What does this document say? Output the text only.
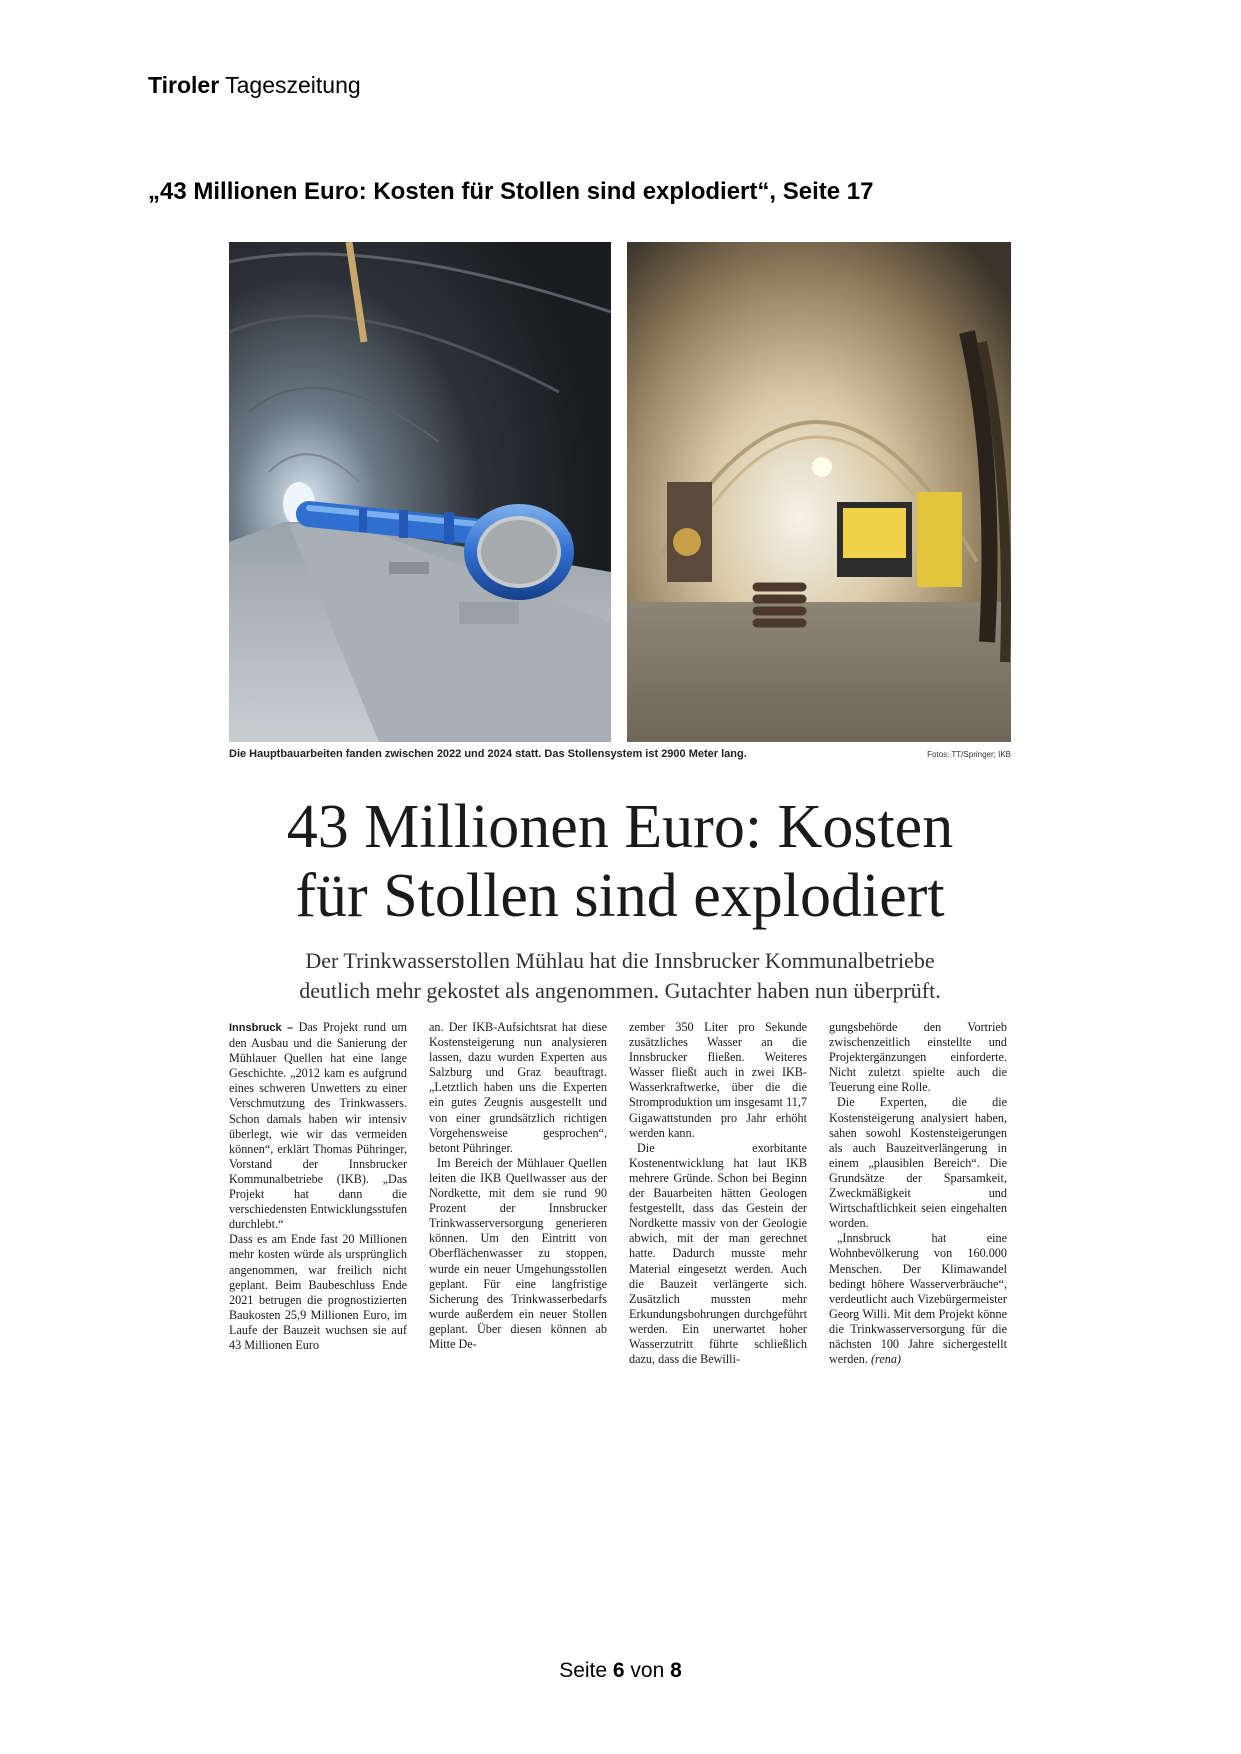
Tiroler Tageszeitung
„43 Millionen Euro: Kosten für Stollen sind explodiert“, Seite 17
Die Hauptbauarbeiten fanden zwischen 2022 und 2024 statt. Das Stollensystem ist 2900 Meter lang.	Fotos: TT/Springer; IKB
43 Millionen Euro: Kosten
für Stollen sind explodiert
Der Trinkwasserstollen Mühlau hat die Innsbrucker Kommunalbetriebe
deutlich mehr gekostet als angenommen. Gutachter haben nun überprüft.

Innsbruck – Das Projekt rund um den Ausbau und die Sanierung der Mühlauer Quellen hat eine lange Geschichte. „2012 kam es aufgrund eines schweren Unwetters zu einer Verschmutzung des Trinkwassers. Schon damals haben wir intensiv überlegt, wie wir das vermeiden können“, erklärt Thomas Pühringer, Vorstand der Innsbrucker Kommunalbetriebe (IKB). „Das Projekt hat dann die verschiedensten Entwicklungsstufen durchlebt.“

Dass es am Ende fast 20 Millionen mehr kosten würde als ursprünglich angenommen, war freilich nicht geplant. Beim Baubeschluss Ende 2021 betrugen die prognostizierten Baukosten 25,9 Millionen Euro, im Laufe der Bauzeit wuchsen sie auf 43 Millionen Euro

an. Der IKB-Aufsichtsrat hat diese Kostensteigerung nun analysieren lassen, dazu wurden Experten aus Salzburg und Graz beauftragt. „Letztlich haben uns die Experten ein gutes Zeugnis ausgestellt und von einer grundsätzlich richtigen Vorgehensweise gesprochen“, betont Pühringer.

Im Bereich der Mühlauer Quellen leiten die IKB Quellwasser aus der Nordkette, mit dem sie rund 90 Prozent der Innsbrucker Trinkwasserversorgung generieren können. Um den Eintritt von Oberflächenwasser zu stoppen, wurde ein neuer Umgehungsstollen geplant. Für eine langfristige Sicherung des Trinkwasserbedarfs wurde außerdem ein neuer Stollen geplant. Über diesen können ab Mitte De-

zember 350 Liter pro Sekunde zusätzliches Wasser an die Innsbrucker fließen. Weiteres Wasser fließt auch in zwei IKB-Wasserkraftwerke, über die die Stromproduktion um insgesamt 11,7 Gigawattstunden pro Jahr erhöht werden kann.

Die exorbitante Kostenentwicklung hat laut IKB mehrere Gründe. Schon bei Beginn der Bauarbeiten hätten Geologen festgestellt, dass das Gestein der Nordkette massiv von der Geologie abwich, mit der man gerechnet hatte. Dadurch musste mehr Material eingesetzt werden. Auch die Bauzeit verlängerte sich. Zusätzlich mussten mehr Erkundungsbohrungen durchgeführt werden. Ein unerwartet hoher Wasserzutritt führte schließlich dazu, dass die Bewilli-

gungsbehörde den Vortrieb zwischenzeitlich einstellte und Projektergänzungen einforderte. Nicht zuletzt spielte auch die Teuerung eine Rolle.

Die Experten, die die Kostensteigerung analysiert haben, sahen sowohl Kostensteigerungen als auch Bauzeitverlängerung in einem „plausiblen Bereich“. Die Grundsätze der Sparsamkeit, Zweckmäßigkeit und Wirtschaftlichkeit seien eingehalten worden.

„Innsbruck hat eine Wohnbevölkerung von 160.000 Menschen. Der Klimawandel bedingt höhere Wasserverbräuche“, verdeutlicht auch Vizebürgermeister Georg Willi. Mit dem Projekt könne die Trinkwasserversorgung für die nächsten 100 Jahre sichergestellt werden. (rena)

Seite 6 von 8
